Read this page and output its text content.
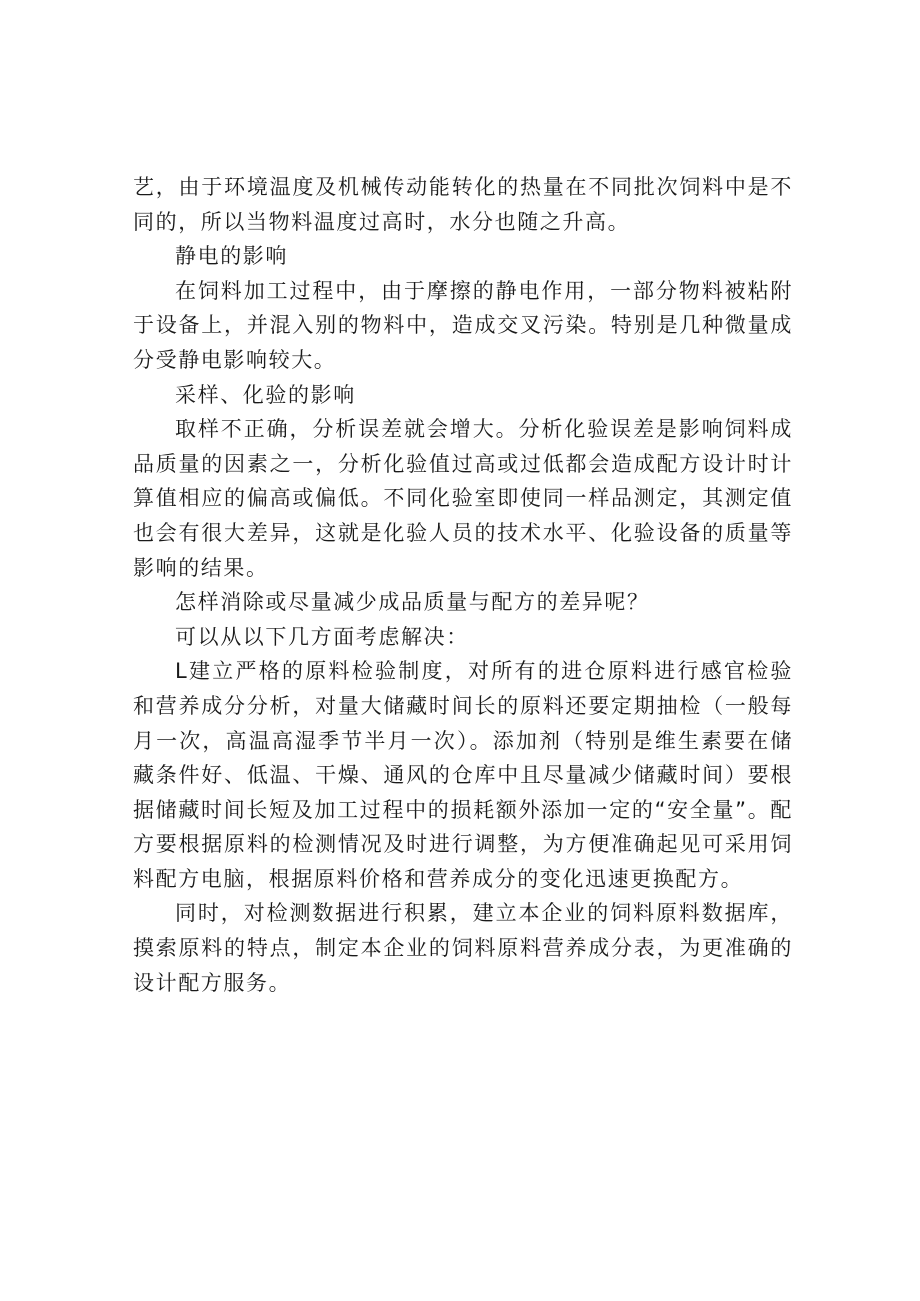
艺，由于环境温度及机械传动能转化的热量在不同批次饲料中是不同的，所以当物料温度过高时，水分也随之升高。

静电的影响

在饲料加工过程中，由于摩擦的静电作用，一部分物料被粘附于设备上，并混入别的物料中，造成交叉污染。特别是几种微量成分受静电影响较大。

采样、化验的影响

取样不正确，分析误差就会增大。分析化验误差是影响饲料成品质量的因素之一，分析化验值过高或过低都会造成配方设计时计算值相应的偏高或偏低。不同化验室即使同一样品测定，其测定值也会有很大差异，这就是化验人员的技术水平、化验设备的质量等影响的结果。

怎样消除或尽量减少成品质量与配方的差异呢？

可以从以下几方面考虑解决：

L建立严格的原料检验制度，对所有的进仓原料进行感官检验和营养成分分析，对量大储藏时间长的原料还要定期抽检（一般每月一次，高温高湿季节半月一次）。添加剂（特别是维生素要在储藏条件好、低温、干燥、通风的仓库中且尽量减少储藏时间）要根据储藏时间长短及加工过程中的损耗额外添加一定的“安全量”。配方要根据原料的检测情况及时进行调整，为方便准确起见可采用饲料配方电脑，根据原料价格和营养成分的变化迅速更换配方。

同时，对检测数据进行积累，建立本企业的饲料原料数据库，摸索原料的特点，制定本企业的饲料原料营养成分表，为更准确的设计配方服务。
